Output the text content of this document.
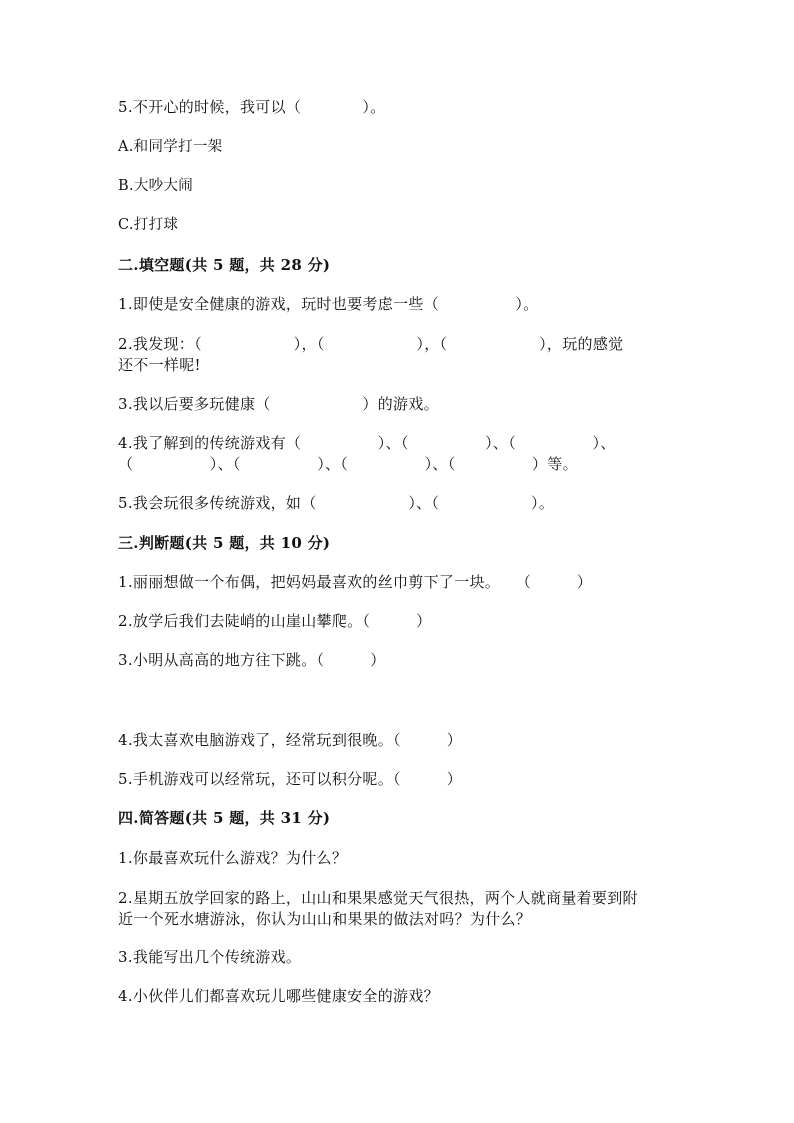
5.不开心的时候，我可以（　　　　）。
A.和同学打一架
B.大吵大闹
C.打打球
二.填空题(共 5 题，共 28 分)
1.即使是安全健康的游戏，玩时也要考虑一些（　　　　　）。
2.我发现：（　　　　　　），（　　　　　　），（　　　　　　），玩的感觉
还不一样呢!
3.我以后要多玩健康（　　　　　　）的游戏。
4.我了解到的传统游戏有（　　　　　）、（　　　　　）、（　　　　　）、
（　　　　　）、（　　　　　）、（　　　　　）、（　　　　　）等。
5.我会玩很多传统游戏，如（　　　　　　）、（　　　　　　）。
三.判断题(共 5 题，共 10 分)
1.丽丽想做一个布偶，把妈妈最喜欢的丝巾剪下了一块。　　（　　　）
2.放学后我们去陡峭的山崖山攀爬。（　　　）
3.小明从高高的地方往下跳。（　　　）
4.我太喜欢电脑游戏了，经常玩到很晚。（　　　）
5.手机游戏可以经常玩，还可以积分呢。（　　　）
四.简答题(共 5 题，共 31 分)
1.你最喜欢玩什么游戏？为什么？
2.星期五放学回家的路上，山山和果果感觉天气很热，两个人就商量着要到附
近一个死水塘游泳，你认为山山和果果的做法对吗？为什么？
3.我能写出几个传统游戏。
4.小伙伴儿们都喜欢玩儿哪些健康安全的游戏？
